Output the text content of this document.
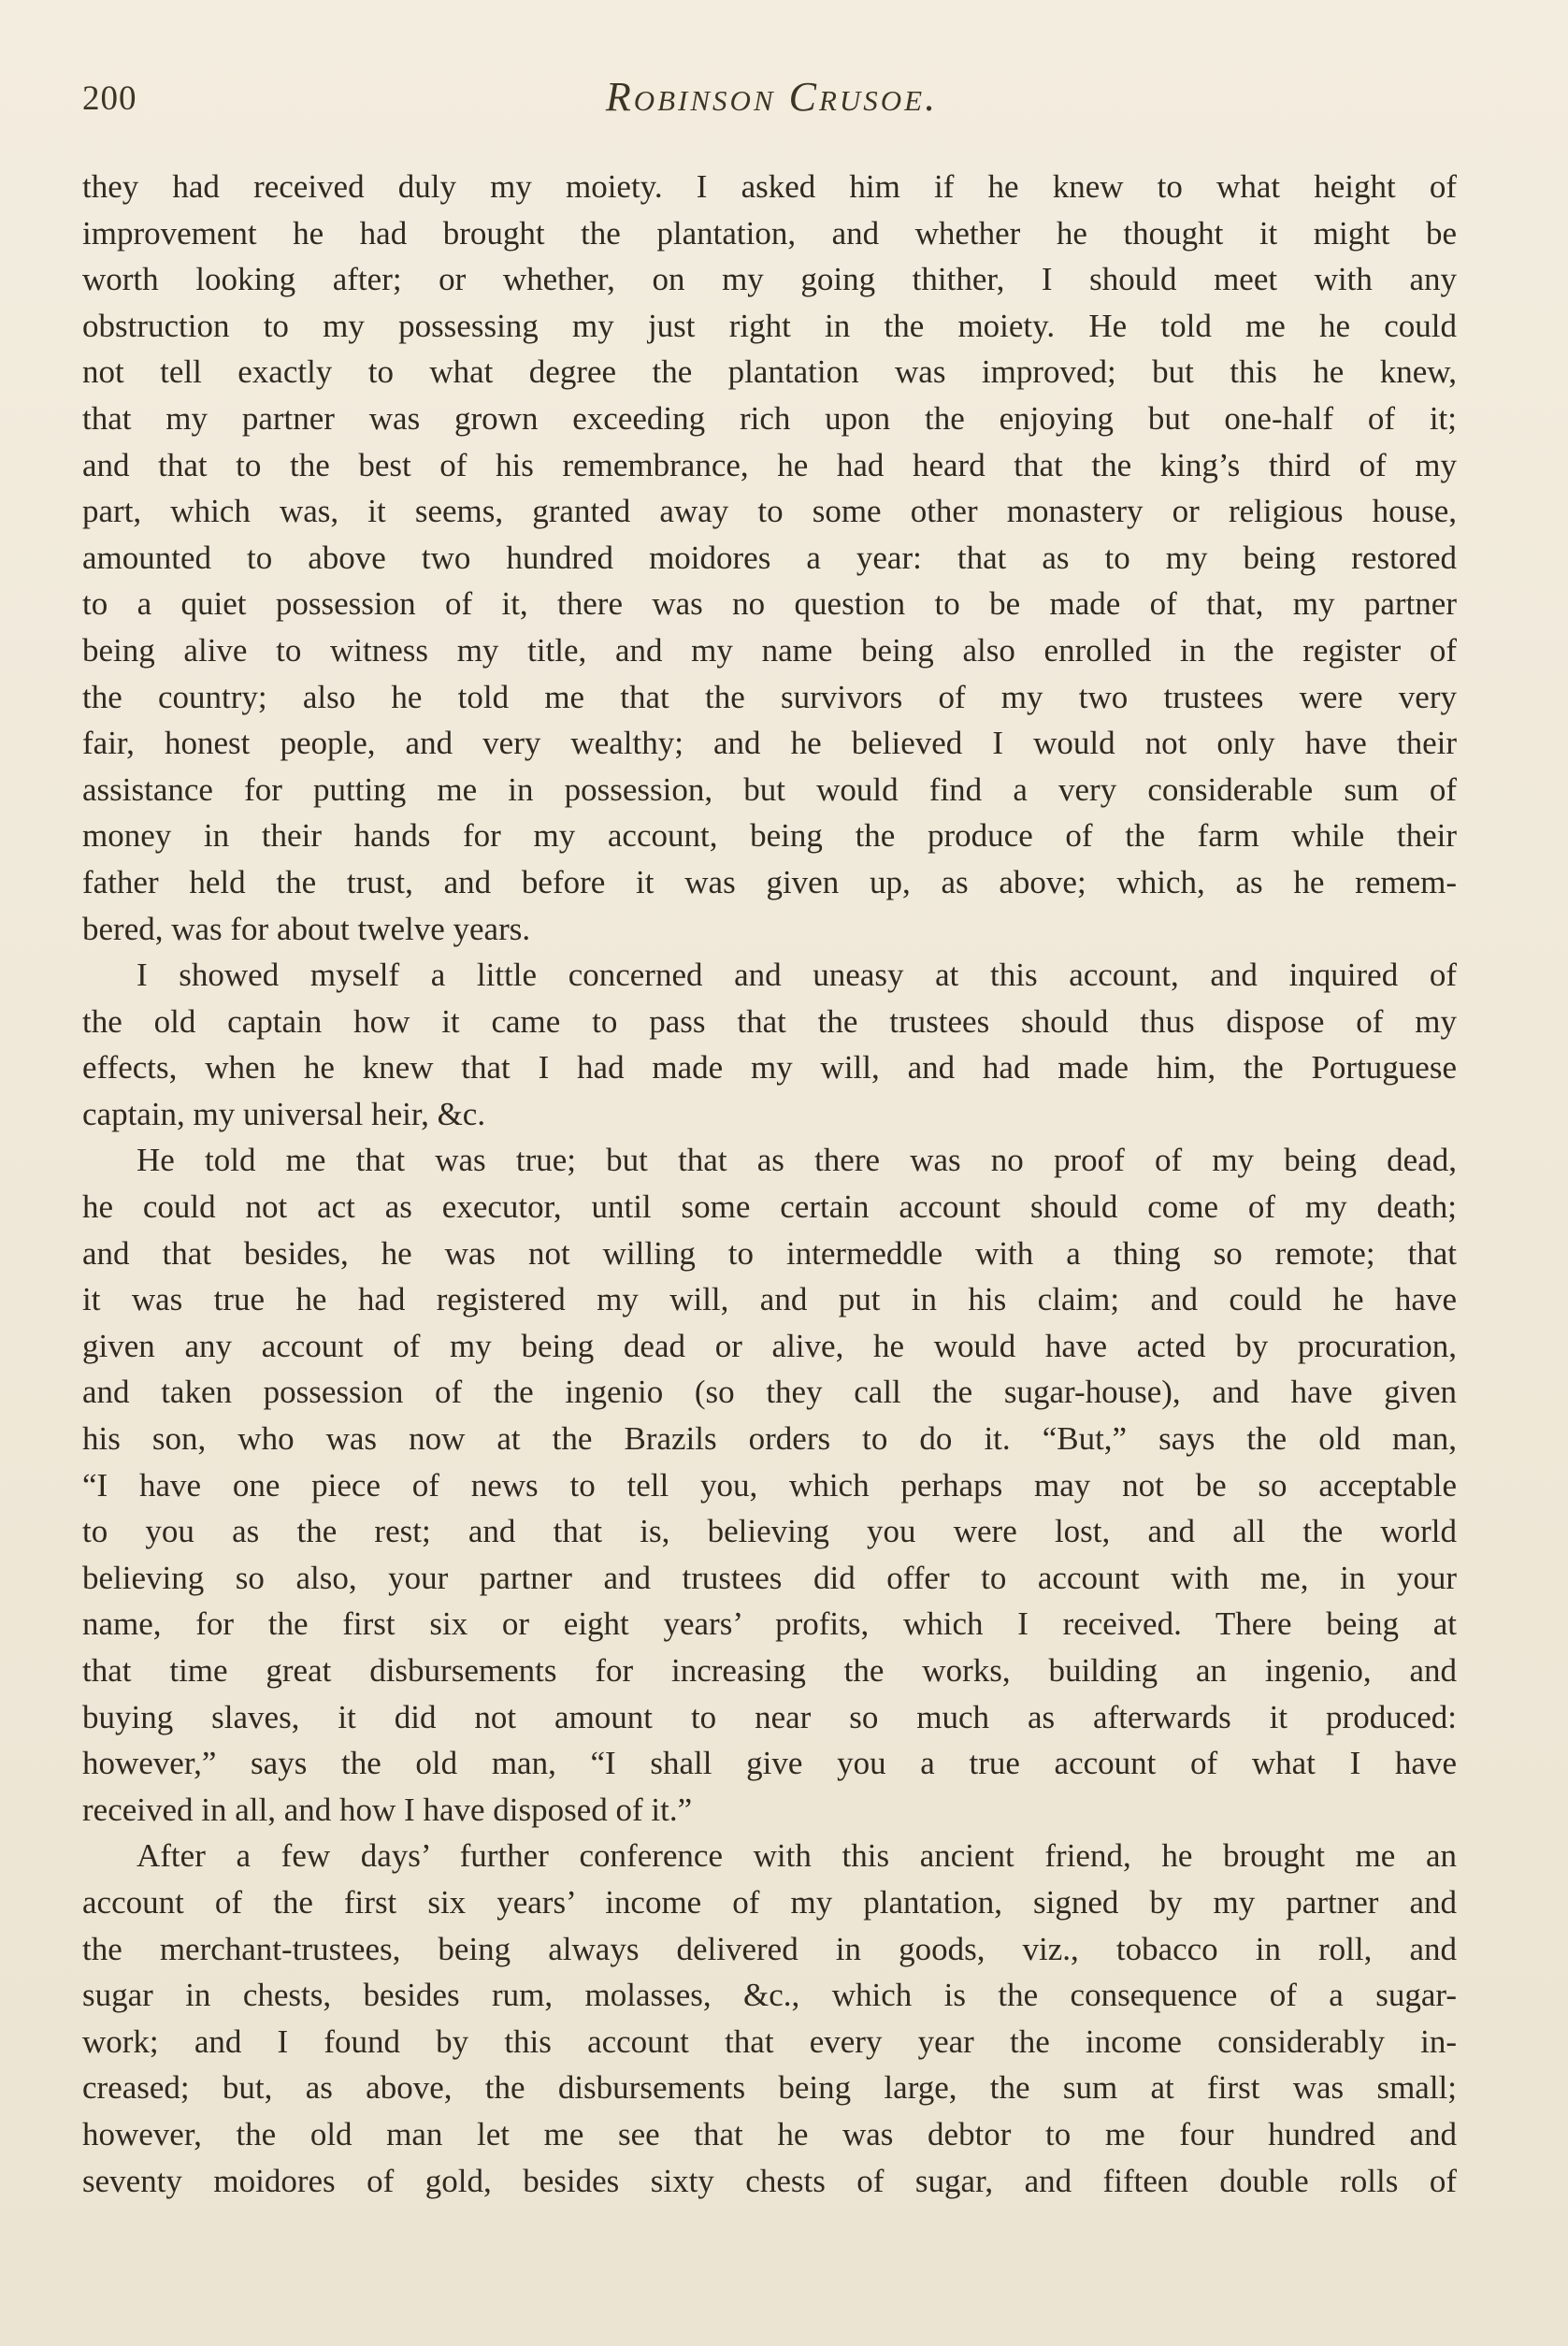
200	Robinson Crusoe.
they had received duly my moiety. I asked him if he knew to what height of
improvement he had brought the plantation, and whether he thought it might be
worth looking after; or whether, on my going thither, I should meet with any
obstruction to my possessing my just right in the moiety. He told me he could
not tell exactly to what degree the plantation was improved; but this he knew,
that my partner was grown exceeding rich upon the enjoying but one-half of it;
and that to the best of his remembrance, he had heard that the king’s third of my
part, which was, it seems, granted away to some other monastery or religious house,
amounted to above two hundred moidores a year: that as to my being restored
to a quiet possession of it, there was no question to be made of that, my partner
being alive to witness my title, and my name being also enrolled in the register of
the country; also he told me that the survivors of my two trustees were very
fair, honest people, and very wealthy; and he believed I would not only have their
assistance for putting me in possession, but would find a very considerable sum of
money in their hands for my account, being the produce of the farm while their
father held the trust, and before it was given up, as above; which, as he remem-
bered, was for about twelve years.
I showed myself a little concerned and uneasy at this account, and inquired of
the old captain how it came to pass that the trustees should thus dispose of my
effects, when he knew that I had made my will, and had made him, the Portuguese
captain, my universal heir, &c.
He told me that was true; but that as there was no proof of my being dead,
he could not act as executor, until some certain account should come of my death;
and that besides, he was not willing to intermeddle with a thing so remote; that
it was true he had registered my will, and put in his claim; and could he have
given any account of my being dead or alive, he would have acted by procuration,
and taken possession of the ingenio (so they call the sugar-house), and have given
his son, who was now at the Brazils orders to do it. “But,” says the old man,
“I have one piece of news to tell you, which perhaps may not be so acceptable
to you as the rest; and that is, believing you were lost, and all the world
believing so also, your partner and trustees did offer to account with me, in your
name, for the first six or eight years’ profits, which I received. There being at
that time great disbursements for increasing the works, building an ingenio, and
buying slaves, it did not amount to near so much as afterwards it produced:
however,” says the old man, “I shall give you a true account of what I have
received in all, and how I have disposed of it.”
After a few days’ further conference with this ancient friend, he brought me an
account of the first six years’ income of my plantation, signed by my partner and
the merchant-trustees, being always delivered in goods, viz., tobacco in roll, and
sugar in chests, besides rum, molasses, &c., which is the consequence of a sugar-
work; and I found by this account that every year the income considerably in-
creased; but, as above, the disbursements being large, the sum at first was small;
however, the old man let me see that he was debtor to me four hundred and
seventy moidores of gold, besides sixty chests of sugar, and fifteen double rolls of
